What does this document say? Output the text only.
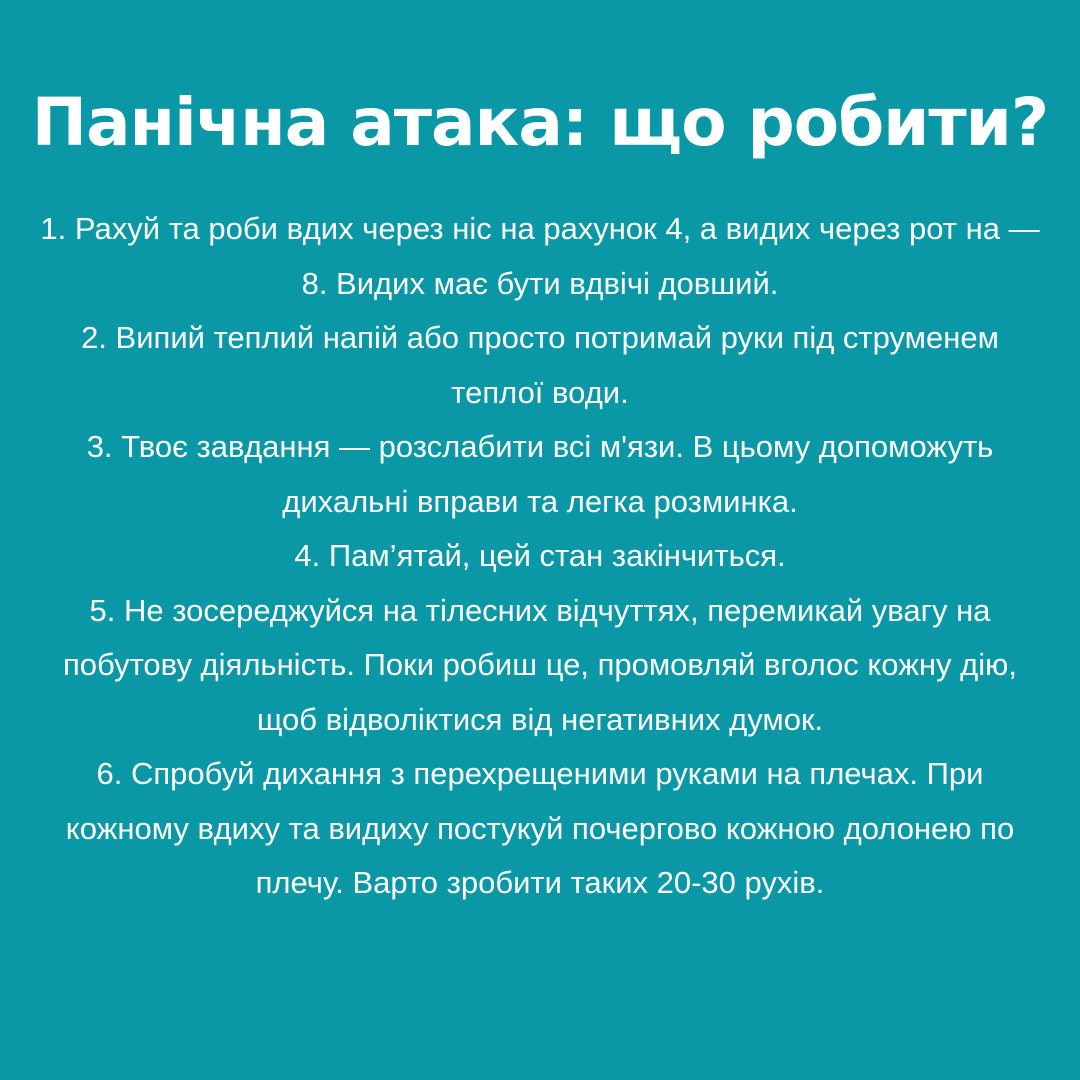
Панічна атака: що робити?
1. Рахуй та роби вдих через ніс на рахунок 4, а видих через рот на — 8. Видих має бути вдвічі довший.
2. Випий теплий напій або просто потримай руки під струменем теплої води.
3. Твоє завдання — розслабити всі м'язи. В цьому допоможуть дихальні вправи та легка розминка.
4. Пам’ятай, цей стан закінчиться.
5. Не зосереджуйся на тілесних відчуттях, перемикай увагу на побутову діяльність. Поки робиш це, промовляй вголос кожну дію, щоб відволіктися від негативних думок.
6. Спробуй дихання з перехрещеними руками на плечах. При кожному вдиху та видиху постукуй почергово кожною долонею по плечу. Варто зробити таких 20-30 рухів.
